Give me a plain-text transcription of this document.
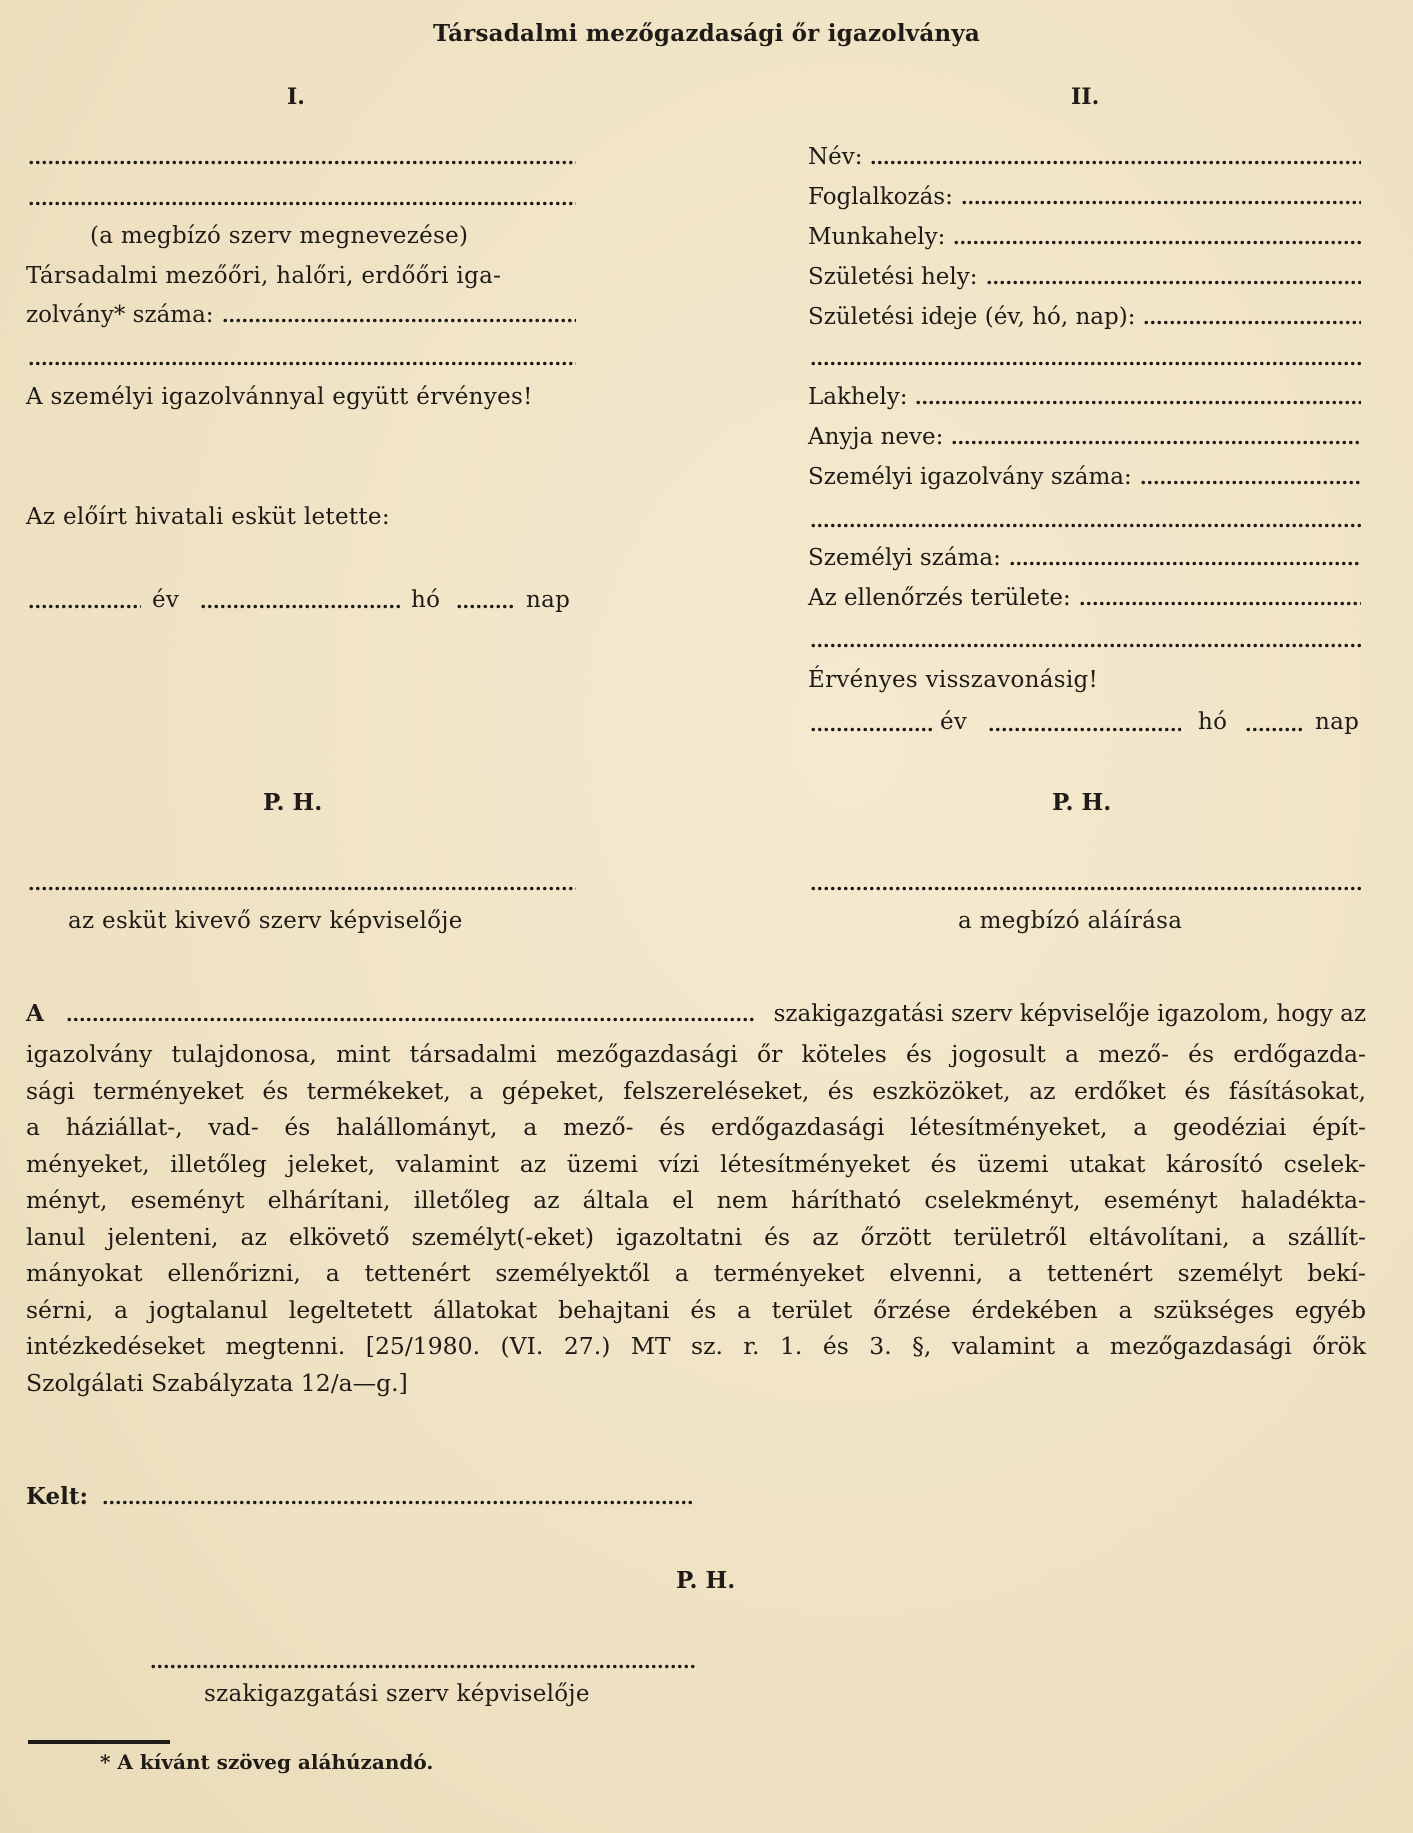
Társadalmi mezőgazdasági őr igazolványa
I.
(a megbízó szerv megnevezése)
Társadalmi mezőőri, halőri, erdőőri iga-
zolvány* száma:
A személyi igazolvánnyal együtt érvényes!
Az előírt hivatali esküt letette:
év	hó	nap
P. H.
az esküt kivevő szerv képviselője
II.
Név:
Foglalkozás:
Munkahely:
Születési hely:
Születési ideje (év, hó, nap):
Lakhely:
Anyja neve:
Személyi igazolvány száma:
Személyi száma:
Az ellenőrzés területe:
Érvényes visszavonásig!
év	hó	nap
P. H.
a megbízó aláírása
A	szakigazgatási szerv képviselője igazolom, hogy az
igazolvány tulajdonosa, mint társadalmi mezőgazdasági őr köteles és jogosult a mező- és erdőgazda-
sági terményeket és termékeket, a gépeket, felszereléseket, és eszközöket, az erdőket és fásításokat,
a háziállat-, vad- és halállományt, a mező- és erdőgazdasági létesítményeket, a geodéziai épít-
ményeket, illetőleg jeleket, valamint az üzemi vízi létesítményeket és üzemi utakat károsító cselek-
ményt, eseményt elhárítani, illetőleg az általa el nem hárítható cselekményt, eseményt haladékta-
lanul jelenteni, az elkövető személyt(-eket) igazoltatni és az őrzött területről eltávolítani, a szállít-
mányokat ellenőrizni, a tettenért személyektől a terményeket elvenni, a tettenért személyt bekí-
sérni, a jogtalanul legeltetett állatokat behajtani és a terület őrzése érdekében a szükséges egyéb
intézkedéseket megtenni. [25/1980. (VI. 27.) MT sz. r. 1. és 3. §, valamint a mezőgazdasági őrök
Szolgálati Szabályzata 12/a—g.]
Kelt:
P. H.
szakigazgatási szerv képviselője
* A kívánt szöveg aláhúzandó.
